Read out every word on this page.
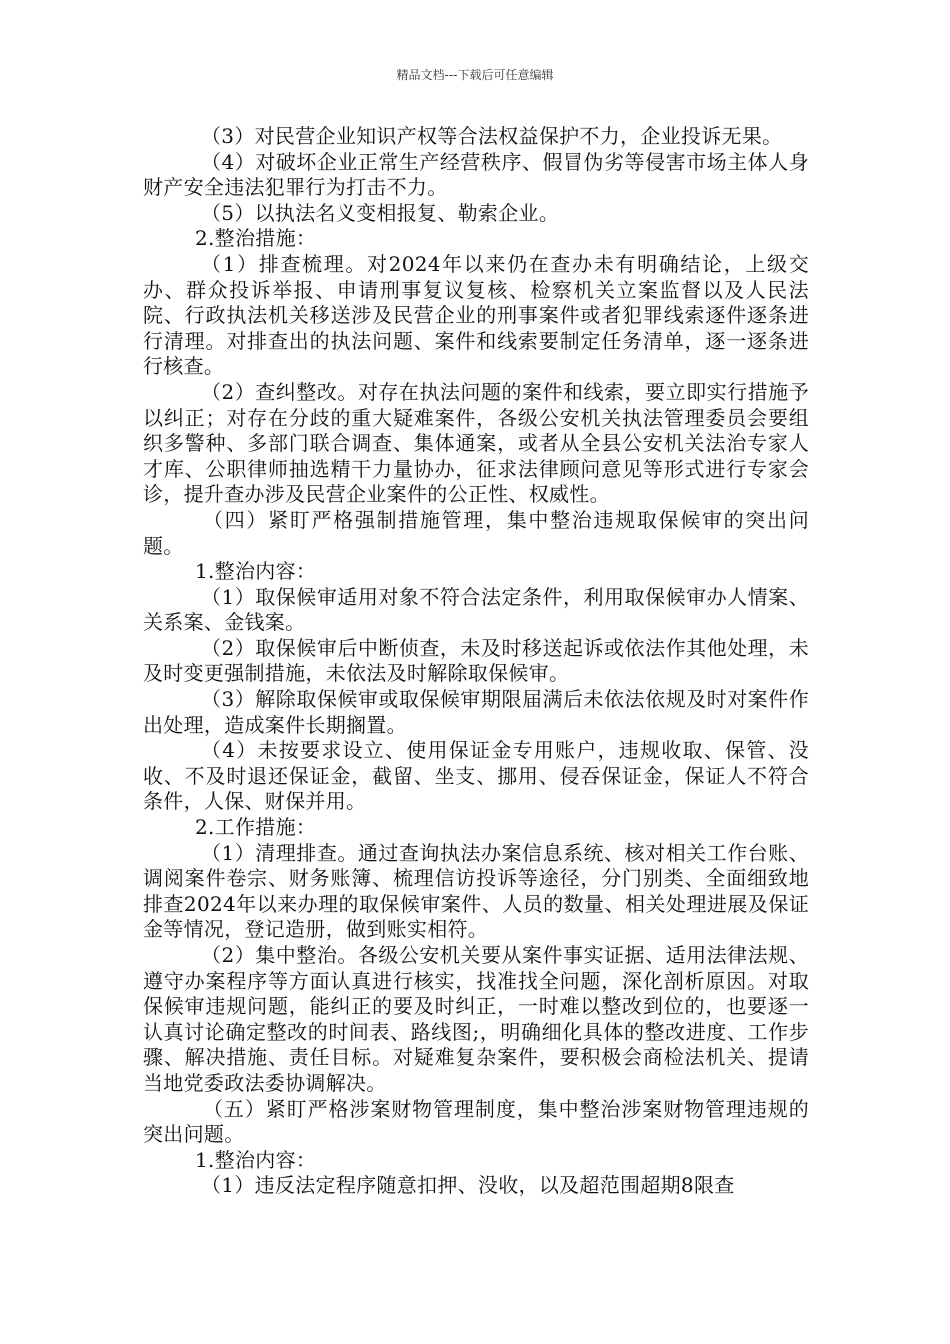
精品文档---下载后可任意编辑

（3）对民营企业知识产权等合法权益保护不力，企业投诉无果。

（4）对破坏企业正常生产经营秩序、假冒伪劣等侵害市场主体人身财产安全违法犯罪行为打击不力。

（5）以执法名义变相报复、勒索企业。

2.整治措施：

（1）排查梳理。对2024年以来仍在查办未有明确结论，上级交办、群众投诉举报、申请刑事复议复核、检察机关立案监督以及人民法院、行政执法机关移送涉及民营企业的刑事案件或者犯罪线索逐件逐条进行清理。对排查出的执法问题、案件和线索要制定任务清单，逐一逐条进行核查。

（2）查纠整改。对存在执法问题的案件和线索，要立即实行措施予以纠正；对存在分歧的重大疑难案件，各级公安机关执法管理委员会要组织多警种、多部门联合调查、集体通案，或者从全县公安机关法治专家人才库、公职律师抽选精干力量协办，征求法律顾问意见等形式进行专家会诊，提升查办涉及民营企业案件的公正性、权威性。

（四）紧盯严格强制措施管理，集中整治违规取保候审的突出问题。

1.整治内容：

（1）取保候审适用对象不符合法定条件，利用取保候审办人情案、关系案、金钱案。

（2）取保候审后中断侦查，未及时移送起诉或依法作其他处理，未及时变更强制措施，未依法及时解除取保候审。

（3）解除取保候审或取保候审期限届满后未依法依规及时对案件作出处理，造成案件长期搁置。

（4）未按要求设立、使用保证金专用账户，违规收取、保管、没收、不及时退还保证金，截留、坐支、挪用、侵吞保证金，保证人不符合条件，人保、财保并用。

2.工作措施：

（1）清理排查。通过查询执法办案信息系统、核对相关工作台账、调阅案件卷宗、财务账簿、梳理信访投诉等途径，分门别类、全面细致地排查2024年以来办理的取保候审案件、人员的数量、相关处理进展及保证金等情况，登记造册，做到账实相符。

（2）集中整治。各级公安机关要从案件事实证据、适用法律法规、遵守办案程序等方面认真进行核实，找准找全问题，深化剖析原因。对取保候审违规问题，能纠正的要及时纠正，一时难以整改到位的，也要逐一认真讨论确定整改的时间表、路线图;，明确细化具体的整改进度、工作步骤、解决措施、责任目标。对疑难复杂案件，要积极会商检法机关、提请当地党委政法委协调解决。

（五）紧盯严格涉案财物管理制度，集中整治涉案财物管理违规的突出问题。

1.整治内容：

（1）违反法定程序随意扣押、没收，以及超范围超期8限查
